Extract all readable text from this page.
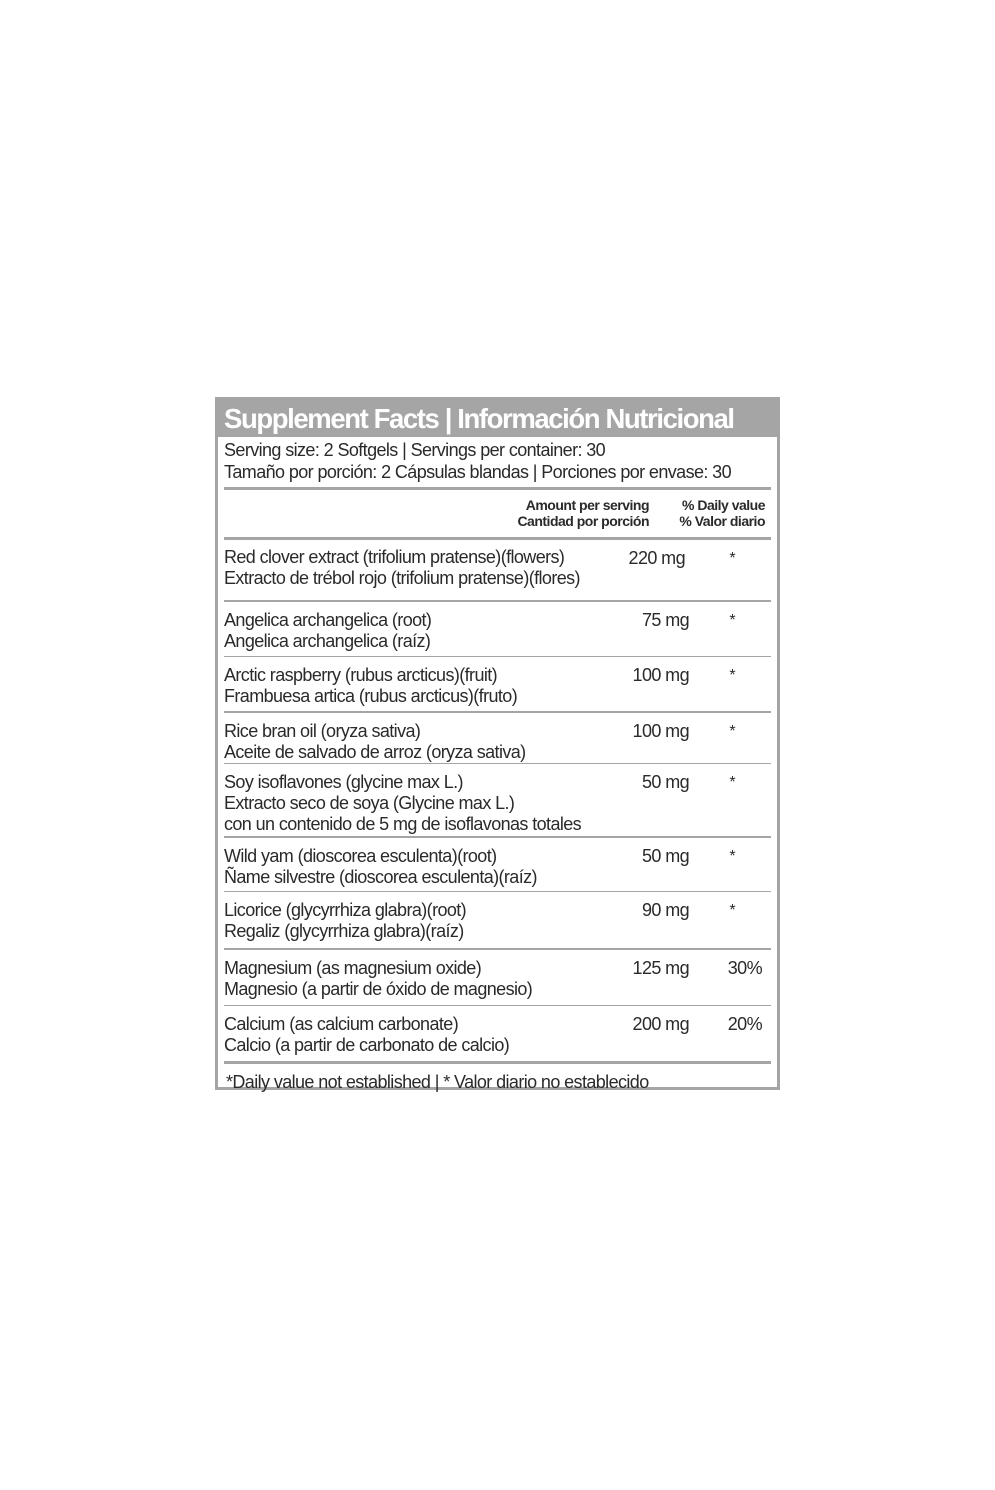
Supplement Facts | Información Nutricional
Serving size: 2 Softgels | Servings per container: 30
Tamaño por porción: 2 Cápsulas blandas | Porciones por envase: 30
Amount per serving
Cantidad por porción
% Daily value
% Valor diario
Red clover extract (trifolium pratense)(flowers)
Extracto de trébol rojo (trifolium pratense)(flores)
220 mg	*
Angelica archangelica (root)
Angelica archangelica (raíz)
75 mg	*
Arctic raspberry (rubus arcticus)(fruit)
Frambuesa artica (rubus arcticus)(fruto)
100 mg	*
Rice bran oil (oryza sativa)
Aceite de salvado de arroz (oryza sativa)
100 mg	*
Soy isoflavones (glycine max L.)
Extracto seco de soya (Glycine max L.)
con un contenido de 5 mg de isoflavonas totales
50 mg	*
Wild yam (dioscorea esculenta)(root)
Ñame silvestre (dioscorea esculenta)(raíz)
50 mg	*
Licorice (glycyrrhiza glabra)(root)
Regaliz (glycyrrhiza glabra)(raíz)
90 mg	*
Magnesium (as magnesium oxide)
Magnesio (a partir de óxido de magnesio)
125 mg 30%
Calcium (as calcium carbonate)
Calcio (a partir de carbonato de calcio)
200 mg 20%
*Daily value not established | * Valor diario no establecido
